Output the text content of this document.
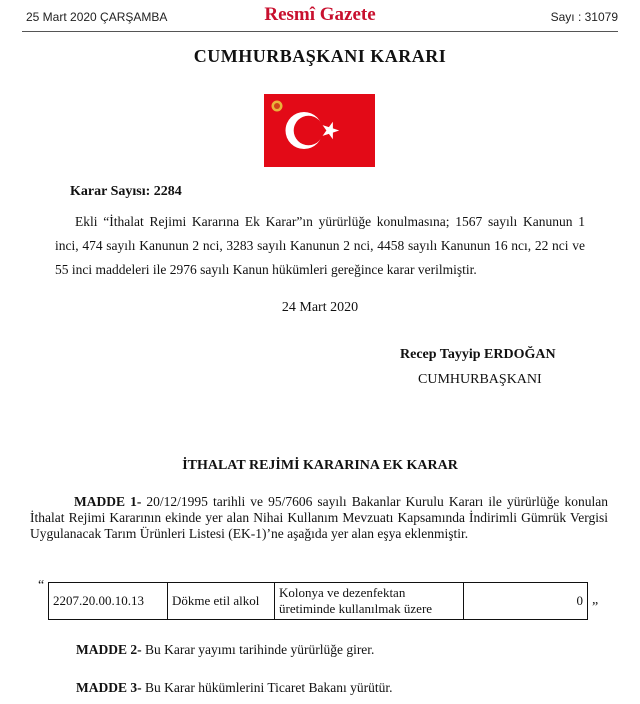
25 Mart 2020 ÇARŞAMBA	Resmî Gazete	Sayı : 31079
CUMHURBAŞKANI KARARI
Karar Sayısı: 2284

Ekli “İthalat Rejimi Kararına Ek Karar”ın yürürlüğe konulmasına; 1567 sayılı Kanunun 1 inci, 474 sayılı Kanunun 2 nci, 3283 sayılı Kanunun 2 nci, 4458 sayılı Kanunun 16 ncı, 22 nci ve 55 inci maddeleri ile 2976 sayılı Kanun hükümleri gereğince karar verilmiştir.

24 Mart 2020
Recep Tayyip ERDOĞAN
CUMHURBAŞKANI
İTHALAT REJİMİ KARARINA EK KARAR

MADDE 1- 20/12/1995 tarihli ve 95/7606 sayılı Bakanlar Kurulu Kararı ile yürürlüğe konulan İthalat Rejimi Kararının ekinde yer alan Nihai Kullanım Mevzuatı Kapsamında İndirimli Gümrük Vergisi Uygulanacak Tarım Ürünleri Listesi (EK-1)’ne aşağıda yer alan eşya eklenmiştir.

“
2207.20.00.10.13	Dökme etil alkol	Kolonya ve dezenfektan üretiminde kullanılmak üzere	0 ”
MADDE 2- Bu Karar yayımı tarihinde yürürlüğe girer.
MADDE 3- Bu Karar hükümlerini Ticaret Bakanı yürütür.
